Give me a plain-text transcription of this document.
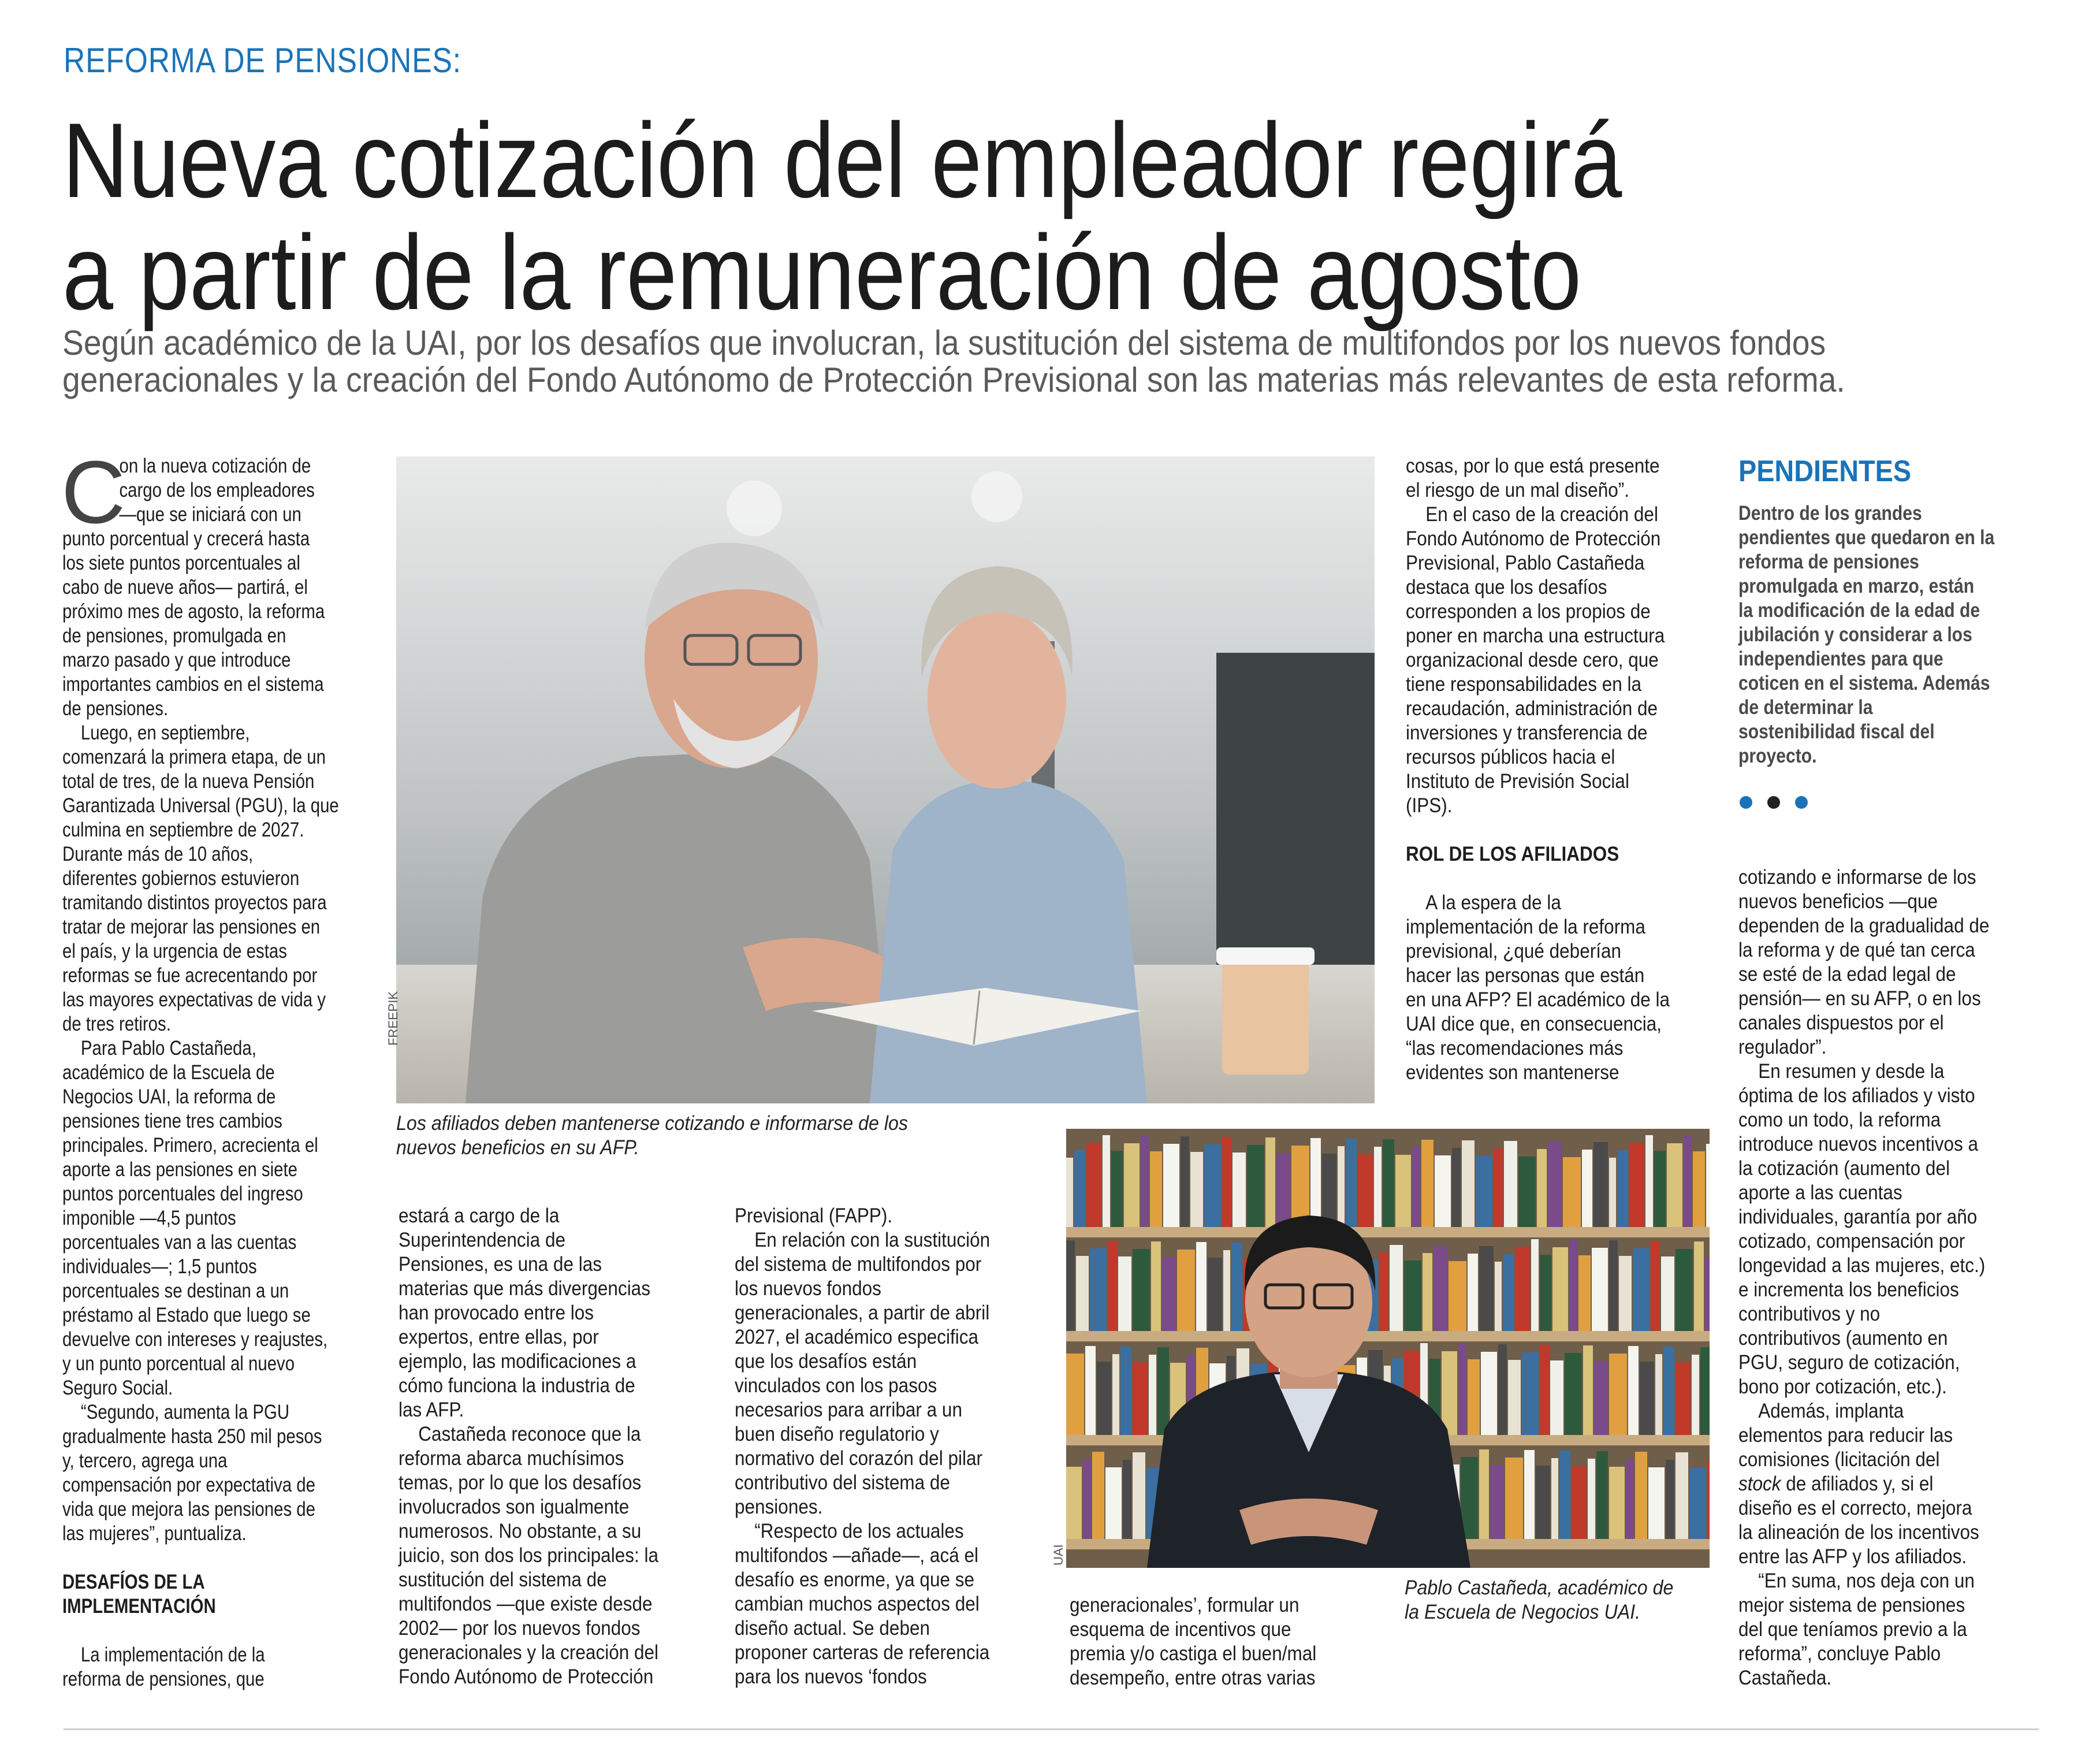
REFORMA DE PENSIONES:
Nueva cotización del empleador regirá
a partir de la remuneración de agosto
Según académico de la UAI, por los desafíos que involucran, la sustitución del sistema de multifondos por los nuevos fondos
generacionales y la creación del Fondo Autónomo de Protección Previsional son las materias más relevantes de esta reforma.
C
on la nueva cotización de
cargo de los empleadores
—que se iniciará con un
punto porcentual y crecerá hasta
los siete puntos porcentuales al
cabo de nueve años— partirá, el
próximo mes de agosto, la reforma
de pensiones, promulgada en
marzo pasado y que introduce
importantes cambios en el sistema
de pensiones.
Luego, en septiembre,
comenzará la primera etapa, de un
total de tres, de la nueva Pensión
Garantizada Universal (PGU), la que
culmina en septiembre de 2027.
Durante más de 10 años,
diferentes gobiernos estuvieron
tramitando distintos proyectos para
tratar de mejorar las pensiones en
el país, y la urgencia de estas
reformas se fue acrecentando por
las mayores expectativas de vida y
de tres retiros.
Para Pablo Castañeda,
académico de la Escuela de
Negocios UAI, la reforma de
pensiones tiene tres cambios
principales. Primero, acrecienta el
aporte a las pensiones en siete
puntos porcentuales del ingreso
imponible —4,5 puntos
porcentuales van a las cuentas
individuales—; 1,5 puntos
porcentuales se destinan a un
préstamo al Estado que luego se
devuelve con intereses y reajustes,
y un punto porcentual al nuevo
Seguro Social.
“Segundo, aumenta la PGU
gradualmente hasta 250 mil pesos
y, tercero, agrega una
compensación por expectativa de
vida que mejora las pensiones de
las mujeres”, puntualiza.
DESAFÍOS DE LA
IMPLEMENTACIÓN
La implementación de la
reforma de pensiones, que
FREEPIK
Los afiliados deben mantenerse cotizando e informarse de los
nuevos beneficios en su AFP.
estará a cargo de la
Superintendencia de
Pensiones, es una de las
materias que más divergencias
han provocado entre los
expertos, entre ellas, por
ejemplo, las modificaciones a
cómo funciona la industria de
las AFP.
Castañeda reconoce que la
reforma abarca muchísimos
temas, por lo que los desafíos
involucrados son igualmente
numerosos. No obstante, a su
juicio, son dos los principales: la
sustitución del sistema de
multifondos —que existe desde
2002— por los nuevos fondos
generacionales y la creación del
Fondo Autónomo de Protección
Previsional (FAPP).
En relación con la sustitución
del sistema de multifondos por
los nuevos fondos
generacionales, a partir de abril
2027, el académico especifica
que los desafíos están
vinculados con los pasos
necesarios para arribar a un
buen diseño regulatorio y
normativo del corazón del pilar
contributivo del sistema de
pensiones.
“Respecto de los actuales
multifondos —añade—, acá el
desafío es enorme, ya que se
cambian muchos aspectos del
diseño actual. Se deben
proponer carteras de referencia
para los nuevos ‘fondos
UAI
generacionales’, formular un
esquema de incentivos que
premia y/o castiga el buen/mal
desempeño, entre otras varias
Pablo Castañeda, académico de
la Escuela de Negocios UAI.
cosas, por lo que está presente
el riesgo de un mal diseño”.
En el caso de la creación del
Fondo Autónomo de Protección
Previsional, Pablo Castañeda
destaca que los desafíos
corresponden a los propios de
poner en marcha una estructura
organizacional desde cero, que
tiene responsabilidades en la
recaudación, administración de
inversiones y transferencia de
recursos públicos hacia el
Instituto de Previsión Social
(IPS).
ROL DE LOS AFILIADOS
A la espera de la
implementación de la reforma
previsional, ¿qué deberían
hacer las personas que están
en una AFP? El académico de la
UAI dice que, en consecuencia,
“las recomendaciones más
evidentes son mantenerse
PENDIENTES
Dentro de los grandes
pendientes que quedaron en la
reforma de pensiones
promulgada en marzo, están
la modificación de la edad de
jubilación y considerar a los
independientes para que
coticen en el sistema. Además
de determinar la
sostenibilidad fiscal del
proyecto.
cotizando e informarse de los
nuevos beneficios —que
dependen de la gradualidad de
la reforma y de qué tan cerca
se esté de la edad legal de
pensión— en su AFP, o en los
canales dispuestos por el
regulador”.
En resumen y desde la
óptima de los afiliados y visto
como un todo, la reforma
introduce nuevos incentivos a
la cotización (aumento del
aporte a las cuentas
individuales, garantía por año
cotizado, compensación por
longevidad a las mujeres, etc.)
e incrementa los beneficios
contributivos y no
contributivos (aumento en
PGU, seguro de cotización,
bono por cotización, etc.).
Además, implanta
elementos para reducir las
comisiones (licitación del
stock de afiliados y, si el
diseño es el correcto, mejora
la alineación de los incentivos
entre las AFP y los afiliados.
“En suma, nos deja con un
mejor sistema de pensiones
del que teníamos previo a la
reforma”, concluye Pablo
Castañeda.
